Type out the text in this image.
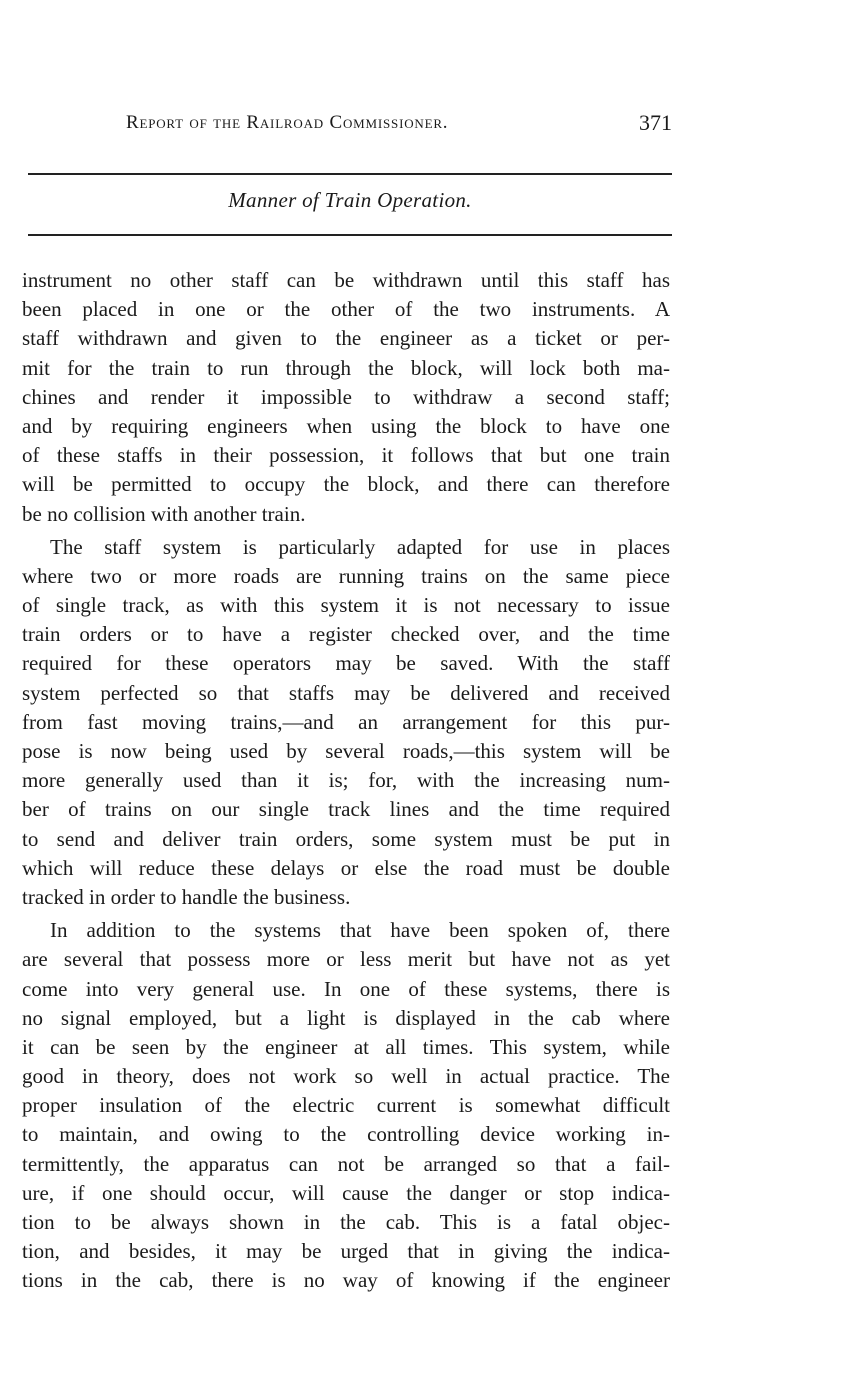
Report of the Railroad Commissioner.	371
Manner of Train Operation.
instrument no other staff can be withdrawn until this staff has
been placed in one or the other of the two instruments. A
staff withdrawn and given to the engineer as a ticket or per-
mit for the train to run through the block, will lock both ma-
chines and render it impossible to withdraw a second staff;
and by requiring engineers when using the block to have one
of these staffs in their possession, it follows that but one train
will be permitted to occupy the block, and there can therefore
be no collision with another train.
The staff system is particularly adapted for use in places
where two or more roads are running trains on the same piece
of single track, as with this system it is not necessary to issue
train orders or to have a register checked over, and the time
required for these operators may be saved. With the staff
system perfected so that staffs may be delivered and received
from fast moving trains,—and an arrangement for this pur-
pose is now being used by several roads,—this system will be
more generally used than it is; for, with the increasing num-
ber of trains on our single track lines and the time required
to send and deliver train orders, some system must be put in
which will reduce these delays or else the road must be double
tracked in order to handle the business.
In addition to the systems that have been spoken of, there
are several that possess more or less merit but have not as yet
come into very general use. In one of these systems, there is
no signal employed, but a light is displayed in the cab where
it can be seen by the engineer at all times. This system, while
good in theory, does not work so well in actual practice. The
proper insulation of the electric current is somewhat difficult
to maintain, and owing to the controlling device working in-
termittently, the apparatus can not be arranged so that a fail-
ure, if one should occur, will cause the danger or stop indica-
tion to be always shown in the cab. This is a fatal objec-
tion, and besides, it may be urged that in giving the indica-
tions in the cab, there is no way of knowing if the engineer
